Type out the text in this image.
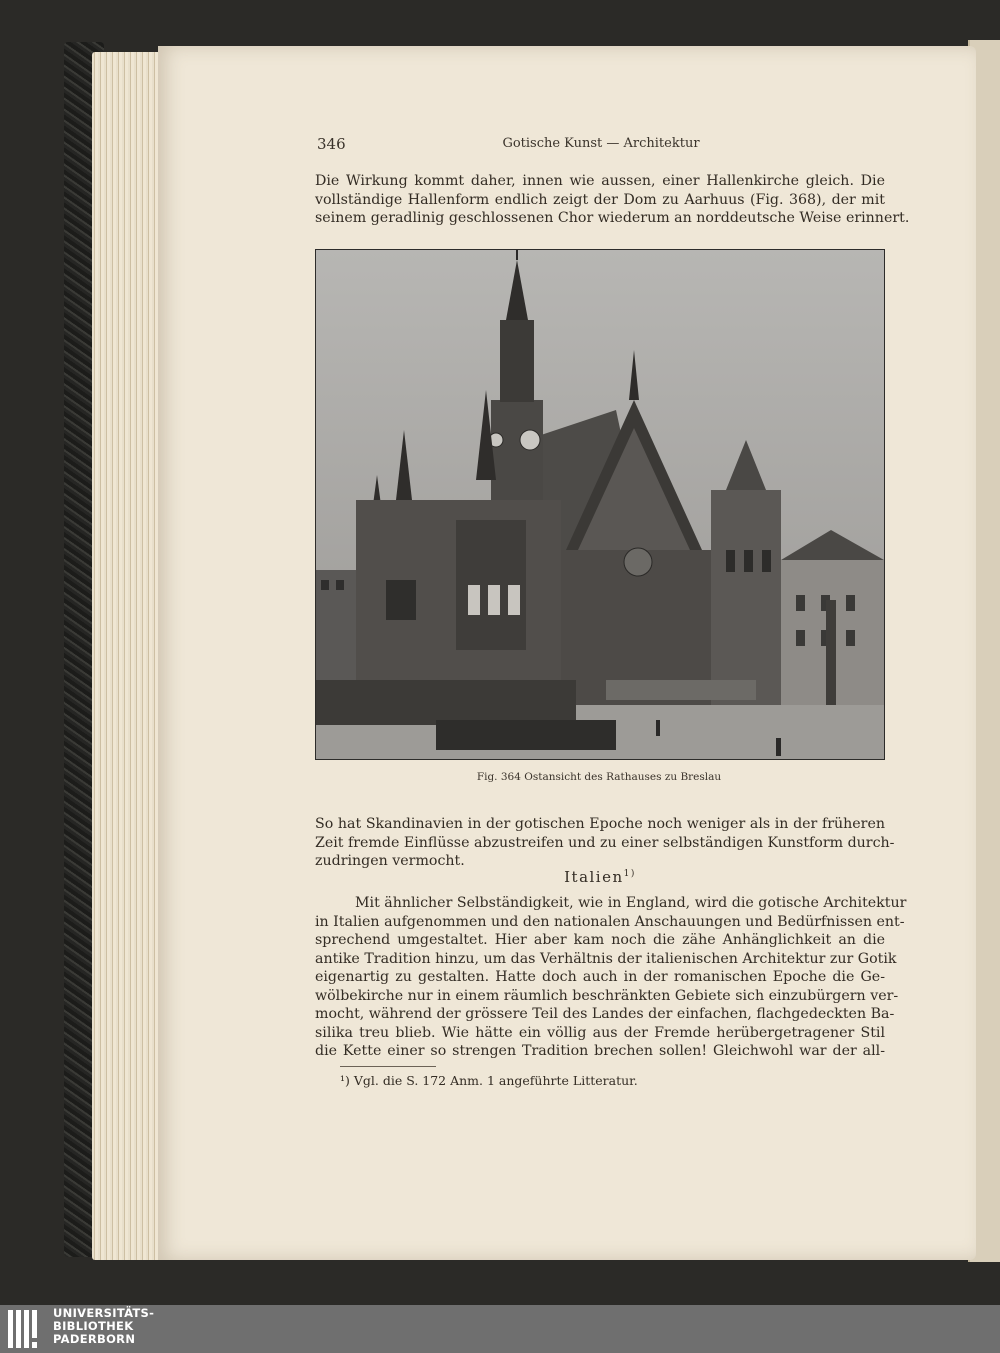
346	Gotische Kunst — Architektur
Die Wirkung kommt daher, innen wie aussen, einer Hallenkirche gleich. Die
vollständige Hallenform endlich zeigt der Dom zu Aarhuus (Fig. 368), der mit
seinem geradlinig geschlossenen Chor wiederum an norddeutsche Weise erinnert.
Fig. 364 Ostansicht des Rathauses zu Breslau
So hat Skandinavien in der gotischen Epoche noch weniger als in der früheren
Zeit fremde Einflüsse abzustreifen und zu einer selbständigen Kunstform durch-
zudringen vermocht.
Italien$^{1)}$
Mit ähnlicher Selbständigkeit, wie in England, wird die gotische Architektur
in Italien aufgenommen und den nationalen Anschauungen und Bedürfnissen ent-
sprechend umgestaltet. Hier aber kam noch die zähe Anhänglichkeit an die
antike Tradition hinzu, um das Verhältnis der italienischen Architektur zur Gotik
eigenartig zu gestalten. Hatte doch auch in der romanischen Epoche die Ge-
wölbekirche nur in einem räumlich beschränkten Gebiete sich einzubürgern ver-
mocht, während der grössere Teil des Landes der einfachen, flachgedeckten Ba-
silika treu blieb. Wie hätte ein völlig aus der Fremde herübergetragener Stil
die Kette einer so strengen Tradition brechen sollen! Gleichwohl war der all-
¹) Vgl. die S. 172 Anm. 1 angeführte Litteratur.
UNIVERSITÄTS-
BIBLIOTHEK
PADERBORN
